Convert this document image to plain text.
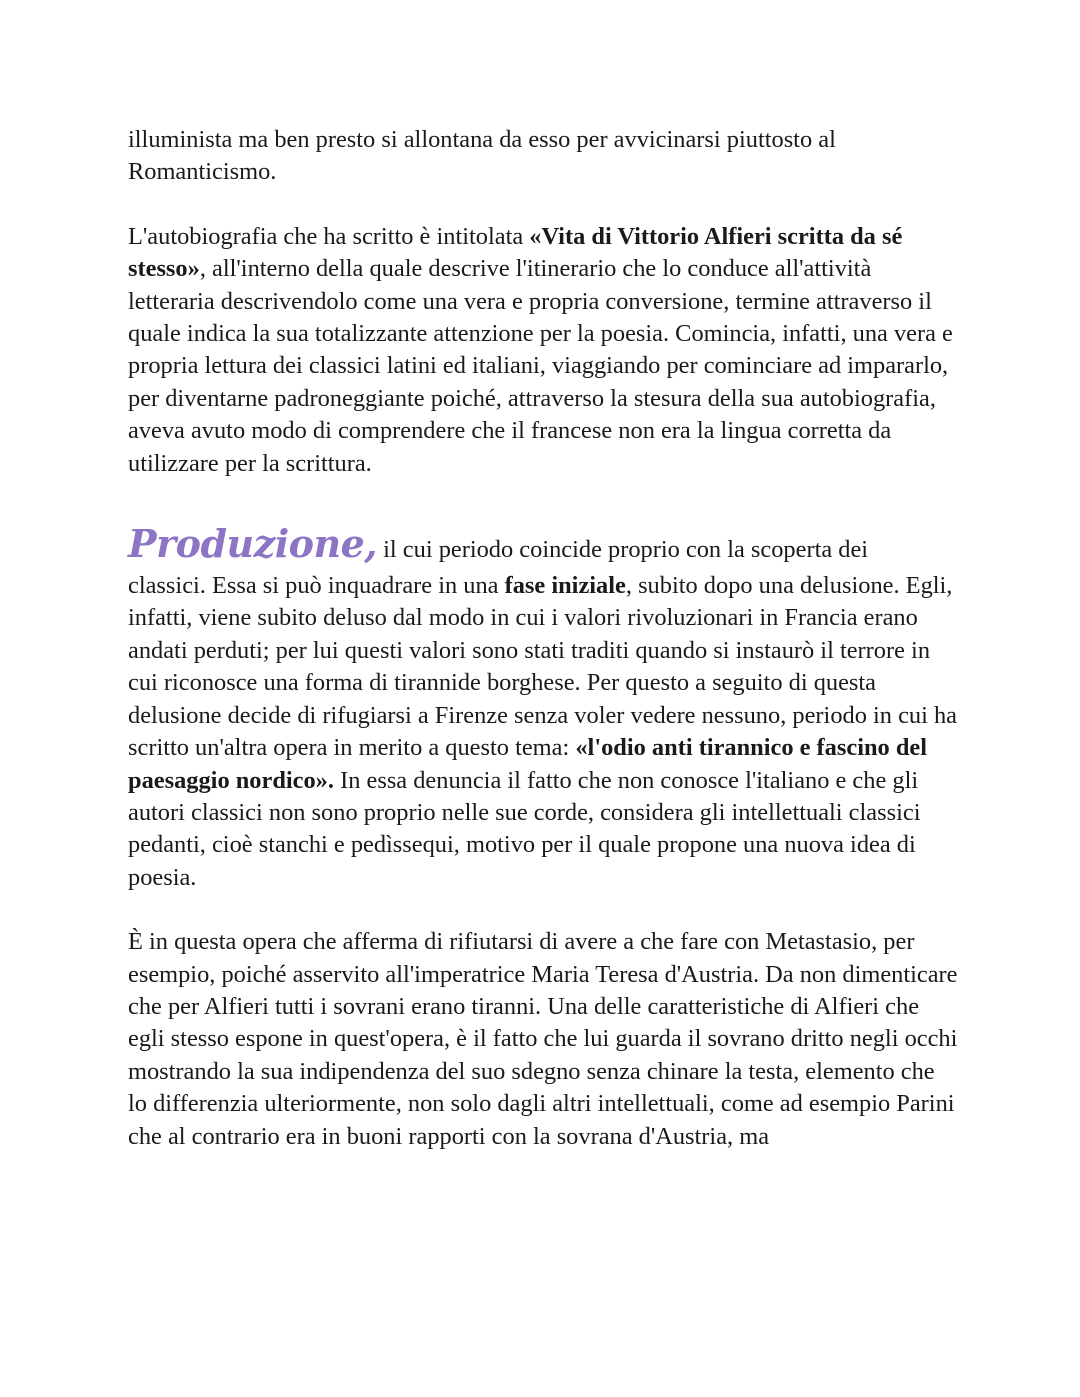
illuminista ma ben presto si allontana da esso per avvicinarsi piuttosto al Romanticismo.

L'autobiografia che ha scritto è intitolata «Vita di Vittorio Alfieri scritta da sé stesso», all'interno della quale descrive l'itinerario che lo conduce all'attività letteraria descrivendolo come una vera e propria conversione, termine attraverso il quale indica la sua totalizzante attenzione per la poesia. Comincia, infatti, una vera e propria lettura dei classici latini ed italiani, viaggiando per cominciare ad impararlo, per diventarne padroneggiante poiché, attraverso la stesura della sua autobiografia, aveva avuto modo di comprendere che il francese non era la lingua corretta da utilizzare per la scrittura.

Produzione, il cui periodo coincide proprio con la scoperta dei

classici. Essa si può inquadrare in una fase iniziale, subito dopo una delusione. Egli, infatti, viene subito deluso dal modo in cui i valori rivoluzionari in Francia erano andati perduti; per lui questi valori sono stati traditi quando si instaurò il terrore in cui riconosce una forma di tirannide borghese. Per questo a seguito di questa delusione decide di rifugiarsi a Firenze senza voler vedere nessuno, periodo in cui ha scritto un'altra opera in merito a questo tema: «l'odio anti tirannico e fascino del paesaggio nordico». In essa denuncia il fatto che non conosce l'italiano e che gli autori classici non sono proprio nelle sue corde, considera gli intellettuali classici pedanti, cioè stanchi e pedìssequi, motivo per il quale propone una nuova idea di poesia.

È in questa opera che afferma di rifiutarsi di avere a che fare con Metastasio, per esempio, poiché asservito all'imperatrice Maria Teresa d'Austria. Da non dimenticare che per Alfieri tutti i sovrani erano tiranni. Una delle caratteristiche di Alfieri che egli stesso espone in quest'opera, è il fatto che lui guarda il sovrano dritto negli occhi mostrando la sua indipendenza del suo sdegno senza chinare la testa, elemento che lo differenzia ulteriormente, non solo dagli altri intellettuali, come ad esempio Parini che al contrario era in buoni rapporti con la sovrana d'Austria, ma
